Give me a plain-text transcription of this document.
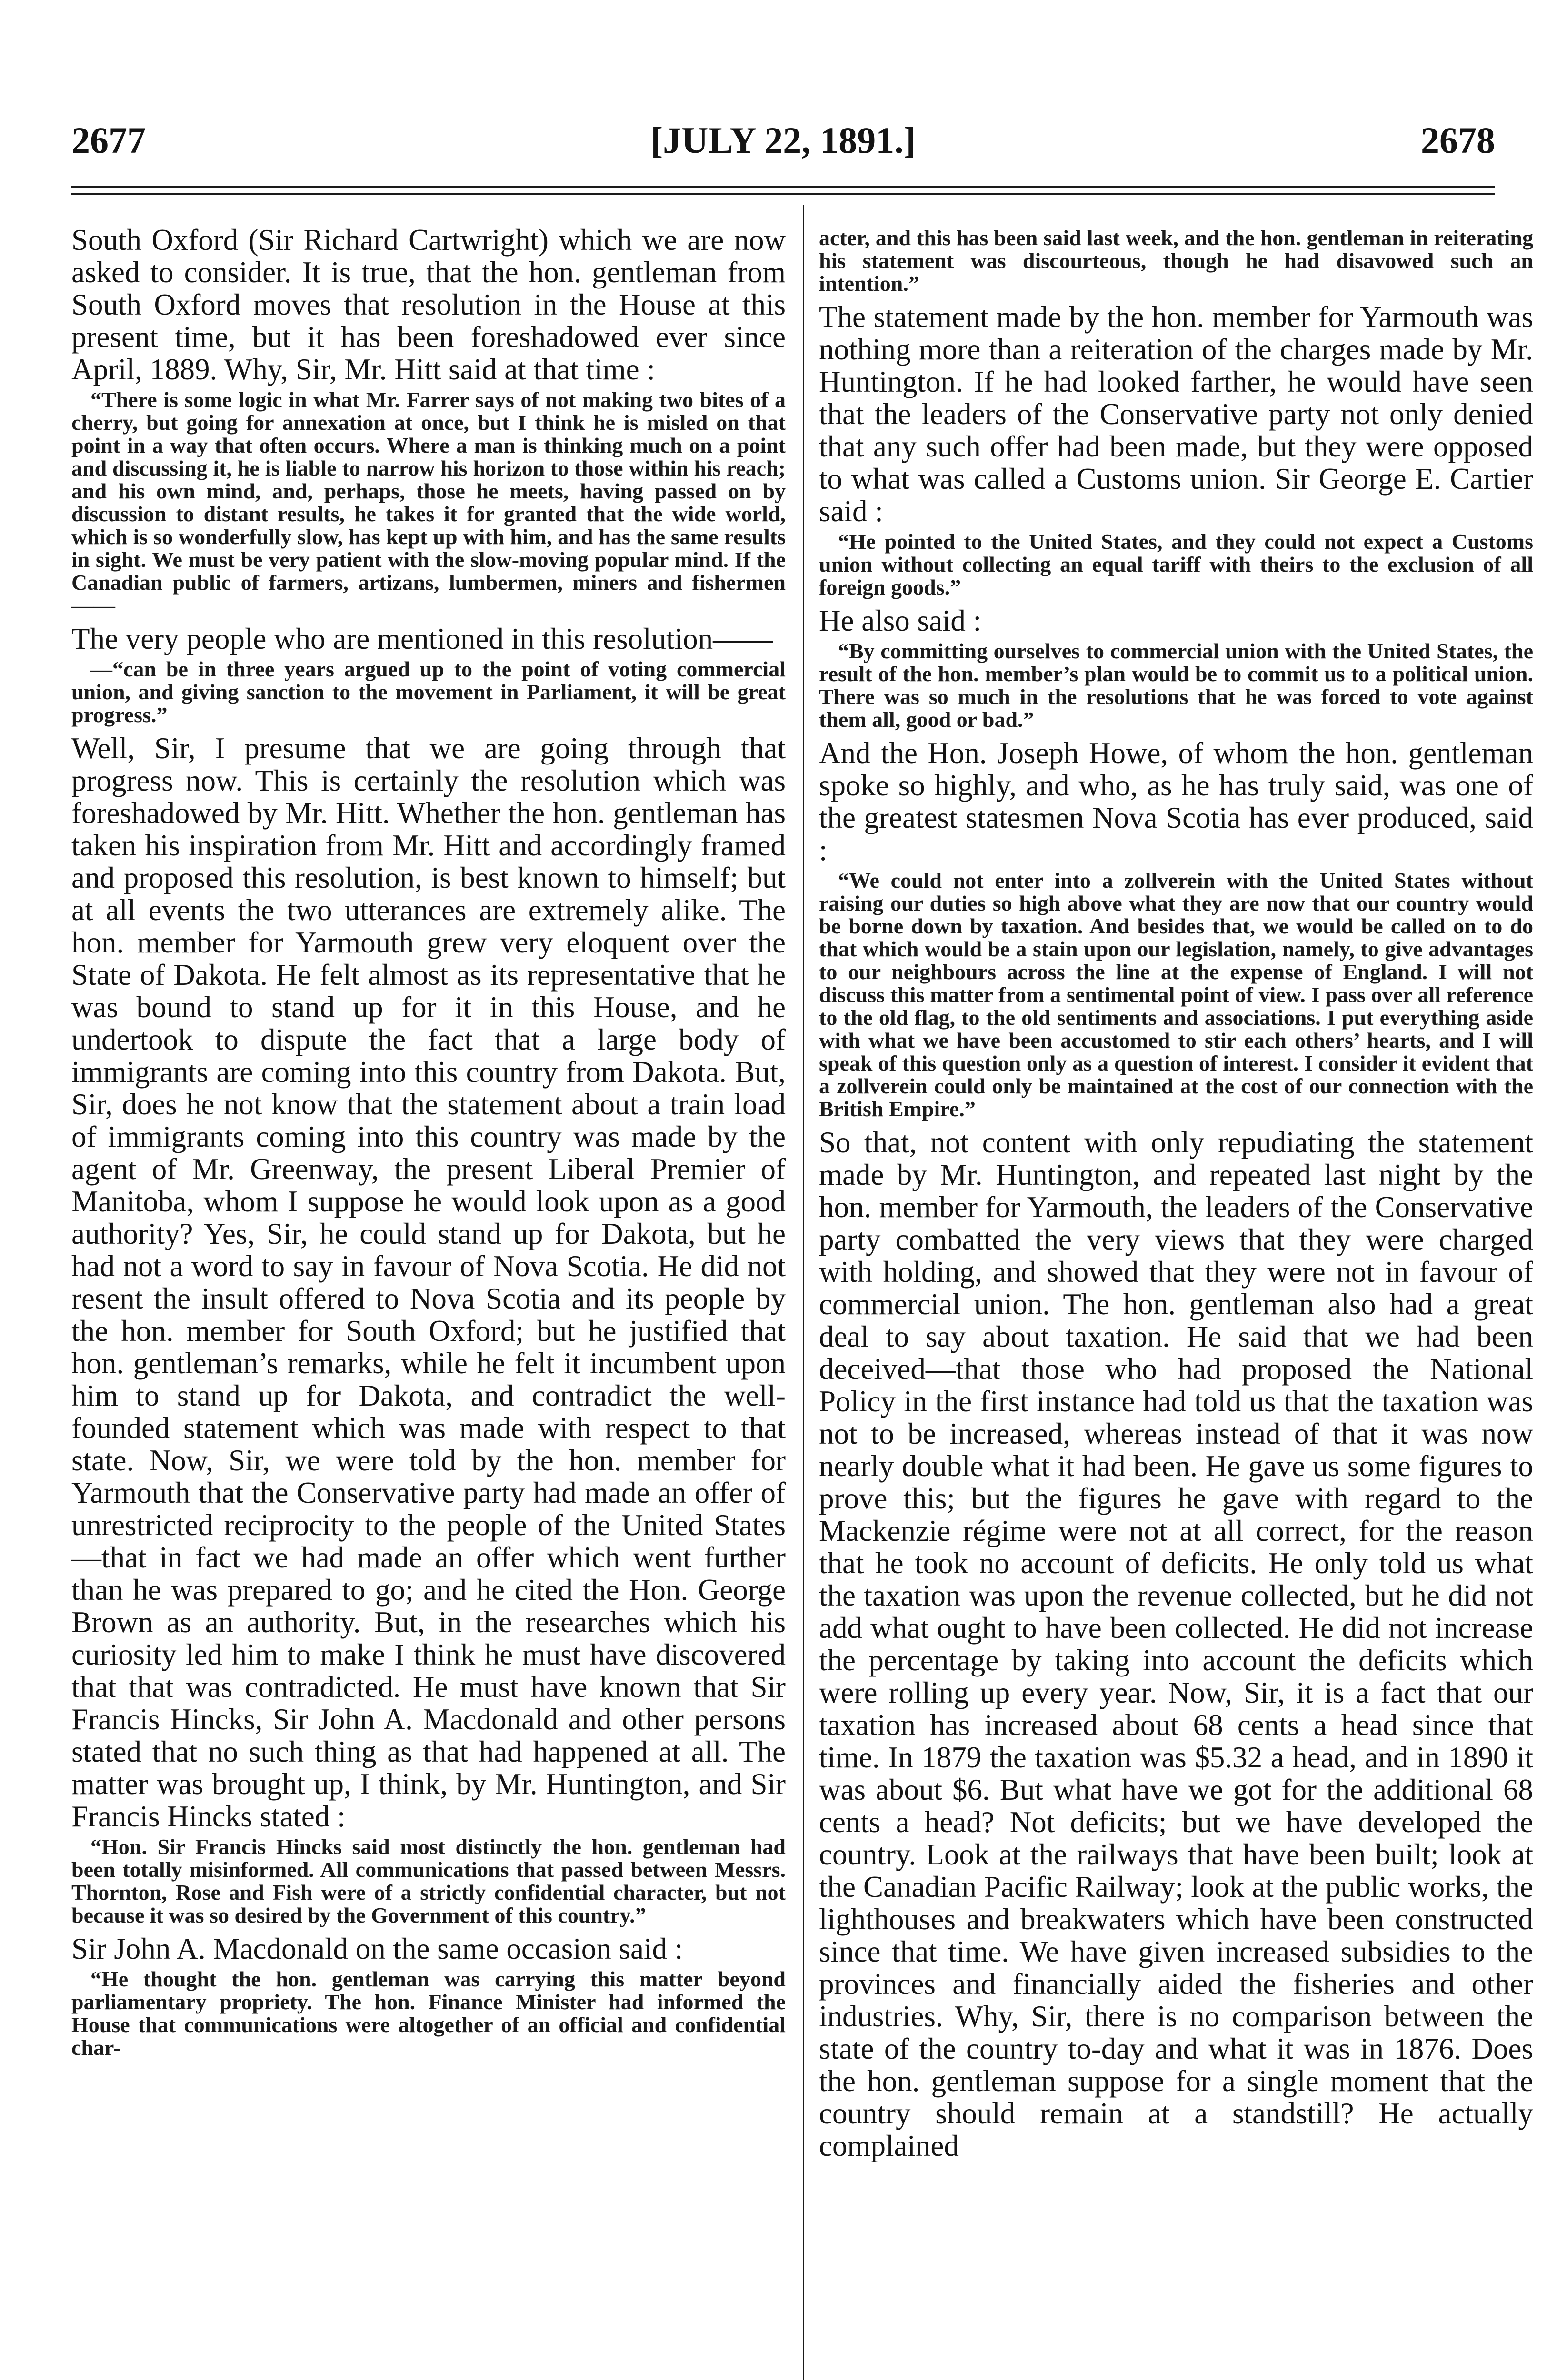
2677	[JULY 22, 1891.]	2678

South Oxford (Sir Richard Cartwright) which we are now asked to consider. It is true, that the hon. gentleman from South Oxford moves that resolution in the House at this present time, but it has been foreshadowed ever since April, 1889. Why, Sir, Mr. Hitt said at that time :

“There is some logic in what Mr. Farrer says of not making two bites of a cherry, but going for annexation at once, but I think he is misled on that point in a way that often occurs. Where a man is thinking much on a point and discussing it, he is liable to narrow his horizon to those within his reach; and his own mind, and, perhaps, those he meets, having passed on by discussion to distant results, he takes it for granted that the wide world, which is so wonderfully slow, has kept up with him, and has the same results in sight. We must be very patient with the slow-moving popular mind. If the Canadian public of farmers, artizans, lumbermen, miners and fishermen——

The very people who are mentioned in this resolution——

—“can be in three years argued up to the point of voting commercial union, and giving sanction to the movement in Parliament, it will be great progress.”

Well, Sir, I presume that we are going through that progress now. This is certainly the resolution which was foreshadowed by Mr. Hitt. Whether the hon. gentleman has taken his inspiration from Mr. Hitt and accordingly framed and proposed this resolution, is best known to himself; but at all events the two utterances are extremely alike. The hon. member for Yarmouth grew very eloquent over the State of Dakota. He felt almost as its representative that he was bound to stand up for it in this House, and he undertook to dispute the fact that a large body of immigrants are coming into this country from Dakota. But, Sir, does he not know that the statement about a train load of immigrants coming into this country was made by the agent of Mr. Greenway, the present Liberal Premier of Manitoba, whom I suppose he would look upon as a good authority? Yes, Sir, he could stand up for Dakota, but he had not a word to say in favour of Nova Scotia. He did not resent the insult offered to Nova Scotia and its people by the hon. member for South Oxford; but he justified that hon. gentleman’s remarks, while he felt it incumbent upon him to stand up for Dakota, and contradict the well-founded statement which was made with respect to that state. Now, Sir, we were told by the hon. member for Yarmouth that the Conservative party had made an offer of unrestricted reciprocity to the people of the United States—that in fact we had made an offer which went further than he was prepared to go; and he cited the Hon. George Brown as an authority. But, in the researches which his curiosity led him to make I think he must have discovered that that was contradicted. He must have known that Sir Francis Hincks, Sir John A. Macdonald and other persons stated that no such thing as that had happened at all. The matter was brought up, I think, by Mr. Huntington, and Sir Francis Hincks stated :

“Hon. Sir Francis Hincks said most distinctly the hon. gentleman had been totally misinformed. All communications that passed between Messrs. Thornton, Rose and Fish were of a strictly confidential character, but not because it was so desired by the Government of this country.”

Sir John A. Macdonald on the same occasion said :

“He thought the hon. gentleman was carrying this matter beyond parliamentary propriety. The hon. Finance Minister had informed the House that communications were altogether of an official and confidential char-

acter, and this has been said last week, and the hon. gentleman in reiterating his statement was discourteous, though he had disavowed such an intention.”

The statement made by the hon. member for Yarmouth was nothing more than a reiteration of the charges made by Mr. Huntington. If he had looked farther, he would have seen that the leaders of the Conservative party not only denied that any such offer had been made, but they were opposed to what was called a Customs union. Sir George E. Cartier said :

“He pointed to the United States, and they could not expect a Customs union without collecting an equal tariff with theirs to the exclusion of all foreign goods.”

He also said :

“By committing ourselves to commercial union with the United States, the result of the hon. member’s plan would be to commit us to a political union. There was so much in the resolutions that he was forced to vote against them all, good or bad.”

And the Hon. Joseph Howe, of whom the hon. gentleman spoke so highly, and who, as he has truly said, was one of the greatest statesmen Nova Scotia has ever produced, said :

“We could not enter into a zollverein with the United States without raising our duties so high above what they are now that our country would be borne down by taxation. And besides that, we would be called on to do that which would be a stain upon our legislation, namely, to give advantages to our neighbours across the line at the expense of England. I will not discuss this matter from a sentimental point of view. I pass over all reference to the old flag, to the old sentiments and associations. I put everything aside with what we have been accustomed to stir each others’ hearts, and I will speak of this question only as a question of interest. I consider it evident that a zollverein could only be maintained at the cost of our connection with the British Empire.”

So that, not content with only repudiating the statement made by Mr. Huntington, and repeated last night by the hon. member for Yarmouth, the leaders of the Conservative party combatted the very views that they were charged with holding, and showed that they were not in favour of commercial union. The hon. gentleman also had a great deal to say about taxation. He said that we had been deceived—that those who had proposed the National Policy in the first instance had told us that the taxation was not to be increased, whereas instead of that it was now nearly double what it had been. He gave us some figures to prove this; but the figures he gave with regard to the Mackenzie régime were not at all correct, for the reason that he took no account of deficits. He only told us what the taxation was upon the revenue collected, but he did not add what ought to have been collected. He did not increase the percentage by taking into account the deficits which were rolling up every year. Now, Sir, it is a fact that our taxation has increased about 68 cents a head since that time. In 1879 the taxation was $5.32 a head, and in 1890 it was about $6. But what have we got for the additional 68 cents a head? Not deficits; but we have developed the country. Look at the railways that have been built; look at the Canadian Pacific Railway; look at the public works, the lighthouses and breakwaters which have been constructed since that time. We have given increased subsidies to the provinces and financially aided the fisheries and other industries. Why, Sir, there is no comparison between the state of the country to-day and what it was in 1876. Does the hon. gentleman suppose for a single moment that the country should remain at a standstill? He actually complained
